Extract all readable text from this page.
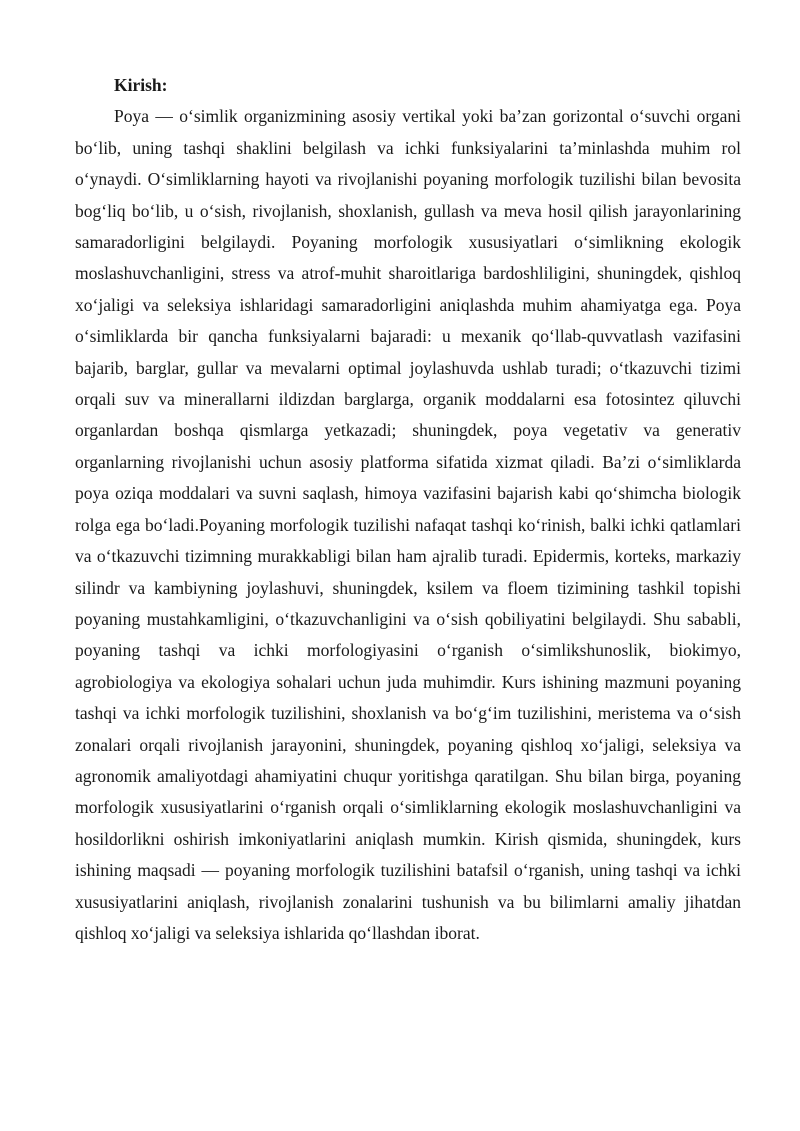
Kirish:

Poya — o‘simlik organizmining asosiy vertikal yoki ba’zan gorizontal o‘suvchi organi bo‘lib, uning tashqi shaklini belgilash va ichki funksiyalarini ta’minlashda muhim rol o‘ynaydi. O‘simliklarning hayoti va rivojlanishi poyaning morfologik tuzilishi bilan bevosita bog‘liq bo‘lib, u o‘sish, rivojlanish, shoxlanish, gullash va meva hosil qilish jarayonlarining samaradorligini belgilaydi. Poyaning morfologik xususiyatlari o‘simlikning ekologik moslashuvchanligini, stress va atrof-muhit sharoitlariga bardoshliligini, shuningdek, qishloq xo‘jaligi va seleksiya ishlaridagi samaradorligini aniqlashda muhim ahamiyatga ega. Poya o‘simliklarda bir qancha funksiyalarni bajaradi: u mexanik qo‘llab-quvvatlash vazifasini bajarib, barglar, gullar va mevalarni optimal joylashuvda ushlab turadi; o‘tkazuvchi tizimi orqali suv va minerallarni ildizdan barglarga, organik moddalarni esa fotosintez qiluvchi organlardan boshqa qismlarga yetkazadi; shuningdek, poya vegetativ va generativ organlarning rivojlanishi uchun asosiy platforma sifatida xizmat qiladi. Ba’zi o‘simliklarda poya oziqa moddalari va suvni saqlash, himoya vazifasini bajarish kabi qo‘shimcha biologik rolga ega bo‘ladi.Poyaning morfologik tuzilishi nafaqat tashqi ko‘rinish, balki ichki qatlamlari va o‘tkazuvchi tizimning murakkabligi bilan ham ajralib turadi. Epidermis, korteks, markaziy silindr va kambiyning joylashuvi, shuningdek, ksilem va floem tizimining tashkil topishi poyaning mustahkamligini, o‘tkazuvchanligini va o‘sish qobiliyatini belgilaydi. Shu sababli, poyaning tashqi va ichki morfologiyasini o‘rganish o‘simlikshunoslik, biokimyo, agrobiologiya va ekologiya sohalari uchun juda muhimdir. Kurs ishining mazmuni poyaning tashqi va ichki morfologik tuzilishini, shoxlanish va bo‘g‘im tuzilishini, meristema va o‘sish zonalari orqali rivojlanish jarayonini, shuningdek, poyaning qishloq xo‘jaligi, seleksiya va agronomik amaliyotdagi ahamiyatini chuqur yoritishga qaratilgan. Shu bilan birga, poyaning morfologik xususiyatlarini o‘rganish orqali o‘simliklarning ekologik moslashuvchanligini va hosildorlikni oshirish imkoniyatlarini aniqlash mumkin. Kirish qismida, shuningdek, kurs ishining maqsadi — poyaning morfologik tuzilishini batafsil o‘rganish, uning tashqi va ichki xususiyatlarini aniqlash, rivojlanish zonalarini tushunish va bu bilimlarni amaliy jihatdan qishloq xo‘jaligi va seleksiya ishlarida qo‘llashdan iborat.
